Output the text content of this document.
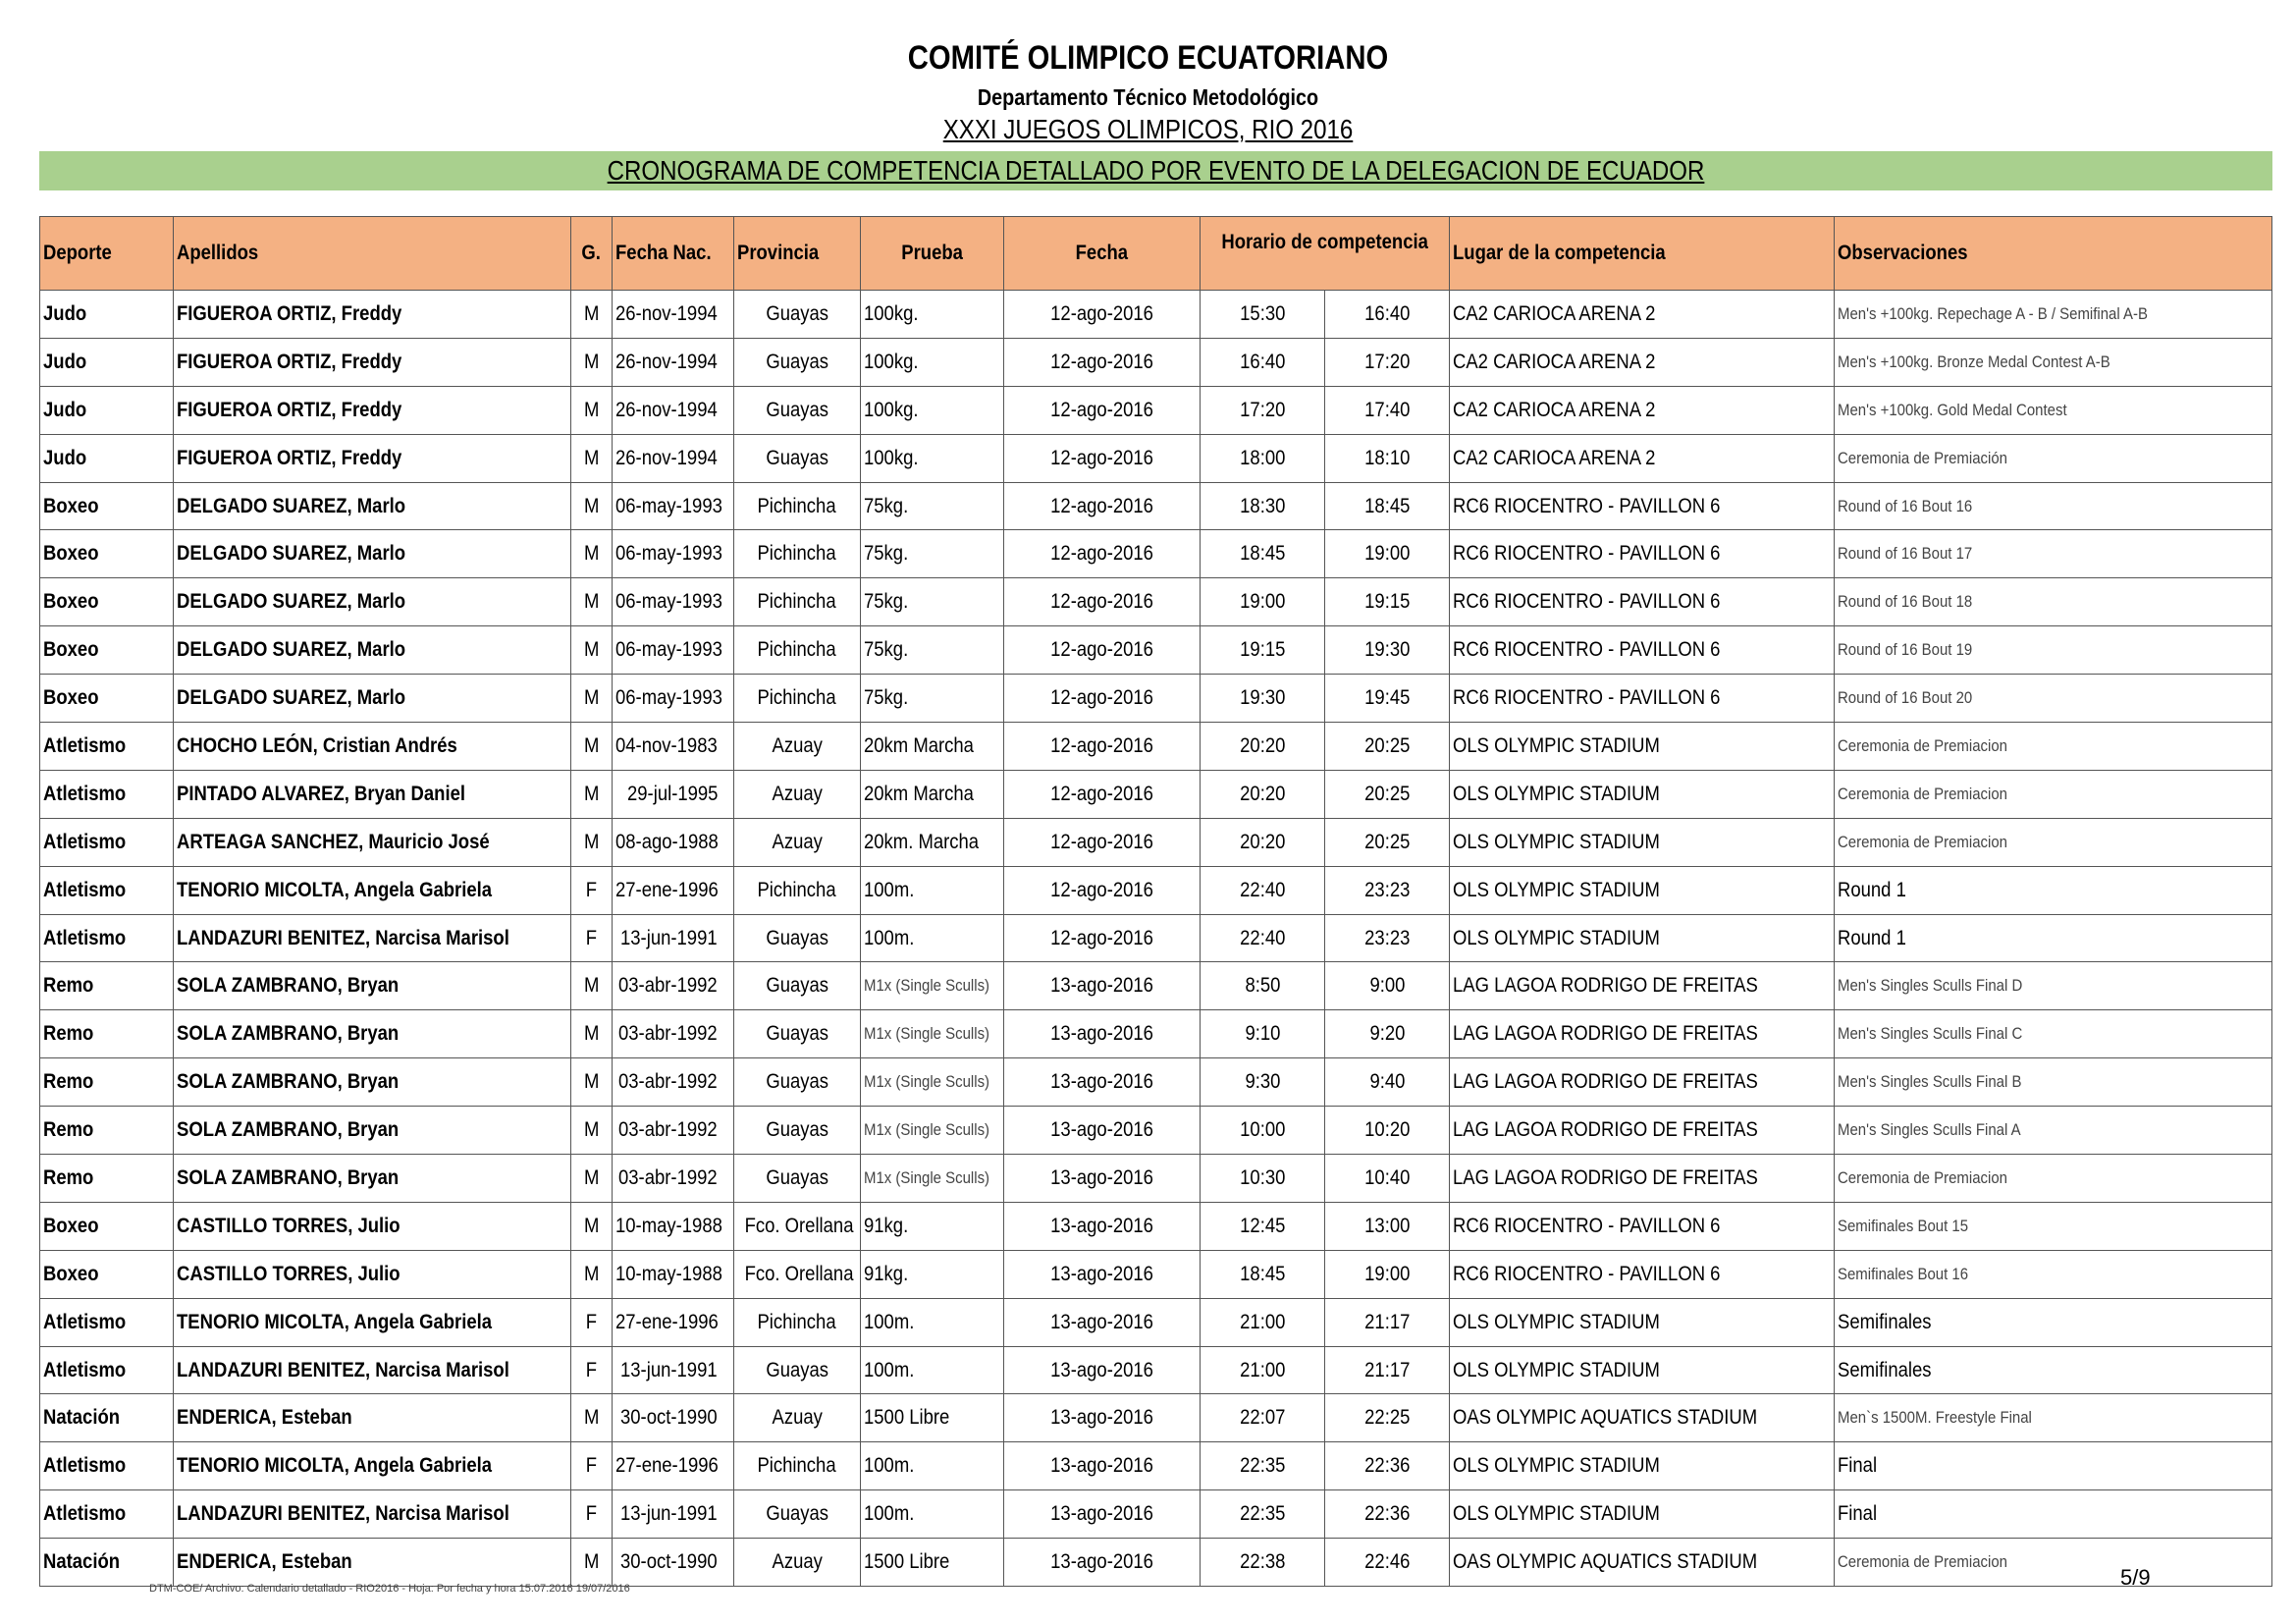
COMITÉ OLIMPICO ECUATORIANO
Departamento Técnico Metodológico
XXXI JUEGOS OLIMPICOS, RIO 2016
CRONOGRAMA DE COMPETENCIA DETALLADO POR EVENTO DE LA DELEGACION DE ECUADOR
Deporte	Apellidos	G.	Fecha Nac.	Provincia	Prueba	Fecha	Horario de competencia		Lugar de la competencia	Observaciones
Judo	FIGUEROA ORTIZ, Freddy	M	26-nov-1994	Guayas	100kg.	12-ago-2016	15:30	16:40	CA2 CARIOCA ARENA 2	Men's +100kg. Repechage A - B / Semifinal A-B
Judo	FIGUEROA ORTIZ, Freddy	M	26-nov-1994	Guayas	100kg.	12-ago-2016	16:40	17:20	CA2 CARIOCA ARENA 2	Men's +100kg. Bronze Medal Contest A-B
Judo	FIGUEROA ORTIZ, Freddy	M	26-nov-1994	Guayas	100kg.	12-ago-2016	17:20	17:40	CA2 CARIOCA ARENA 2	Men's +100kg. Gold Medal Contest
Judo	FIGUEROA ORTIZ, Freddy	M	26-nov-1994	Guayas	100kg.	12-ago-2016	18:00	18:10	CA2 CARIOCA ARENA 2	Ceremonia de Premiación
Boxeo	DELGADO SUAREZ, Marlo	M	06-may-1993	Pichincha	75kg.	12-ago-2016	18:30	18:45	RC6 RIOCENTRO - PAVILLON 6	Round of 16 Bout 16
Boxeo	DELGADO SUAREZ, Marlo	M	06-may-1993	Pichincha	75kg.	12-ago-2016	18:45	19:00	RC6 RIOCENTRO - PAVILLON 6	Round of 16 Bout 17
Boxeo	DELGADO SUAREZ, Marlo	M	06-may-1993	Pichincha	75kg.	12-ago-2016	19:00	19:15	RC6 RIOCENTRO - PAVILLON 6	Round of 16 Bout 18
Boxeo	DELGADO SUAREZ, Marlo	M	06-may-1993	Pichincha	75kg.	12-ago-2016	19:15	19:30	RC6 RIOCENTRO - PAVILLON 6	Round of 16 Bout 19
Boxeo	DELGADO SUAREZ, Marlo	M	06-may-1993	Pichincha	75kg.	12-ago-2016	19:30	19:45	RC6 RIOCENTRO - PAVILLON 6	Round of 16 Bout 20
Atletismo	CHOCHO LEÓN, Cristian Andrés	M	04-nov-1983	Azuay	20km Marcha	12-ago-2016	20:20	20:25	OLS OLYMPIC STADIUM	Ceremonia de Premiacion
Atletismo	PINTADO ALVAREZ, Bryan Daniel	M	29-jul-1995	Azuay	20km Marcha	12-ago-2016	20:20	20:25	OLS OLYMPIC STADIUM	Ceremonia de Premiacion
Atletismo	ARTEAGA SANCHEZ, Mauricio José	M	08-ago-1988	Azuay	20km. Marcha	12-ago-2016	20:20	20:25	OLS OLYMPIC STADIUM	Ceremonia de Premiacion
Atletismo	TENORIO MICOLTA, Angela Gabriela	F	27-ene-1996	Pichincha	100m.	12-ago-2016	22:40	23:23	OLS OLYMPIC STADIUM	Round 1
Atletismo	LANDAZURI BENITEZ, Narcisa Marisol	F	13-jun-1991	Guayas	100m.	12-ago-2016	22:40	23:23	OLS OLYMPIC STADIUM	Round 1
Remo	SOLA ZAMBRANO, Bryan	M	03-abr-1992	Guayas	M1x (Single Sculls)	13-ago-2016	8:50	9:00	LAG LAGOA RODRIGO DE FREITAS	Men's Singles Sculls Final D
Remo	SOLA ZAMBRANO, Bryan	M	03-abr-1992	Guayas	M1x (Single Sculls)	13-ago-2016	9:10	9:20	LAG LAGOA RODRIGO DE FREITAS	Men's Singles Sculls Final C
Remo	SOLA ZAMBRANO, Bryan	M	03-abr-1992	Guayas	M1x (Single Sculls)	13-ago-2016	9:30	9:40	LAG LAGOA RODRIGO DE FREITAS	Men's Singles Sculls Final B
Remo	SOLA ZAMBRANO, Bryan	M	03-abr-1992	Guayas	M1x (Single Sculls)	13-ago-2016	10:00	10:20	LAG LAGOA RODRIGO DE FREITAS	Men's Singles Sculls Final A
Remo	SOLA ZAMBRANO, Bryan	M	03-abr-1992	Guayas	M1x (Single Sculls)	13-ago-2016	10:30	10:40	LAG LAGOA RODRIGO DE FREITAS	Ceremonia de Premiacion
Boxeo	CASTILLO TORRES, Julio	M	10-may-1988	Fco. Orellana	91kg.	13-ago-2016	12:45	13:00	RC6 RIOCENTRO - PAVILLON 6	Semifinales Bout 15
Boxeo	CASTILLO TORRES, Julio	M	10-may-1988	Fco. Orellana	91kg.	13-ago-2016	18:45	19:00	RC6 RIOCENTRO - PAVILLON 6	Semifinales Bout 16
Atletismo	TENORIO MICOLTA, Angela Gabriela	F	27-ene-1996	Pichincha	100m.	13-ago-2016	21:00	21:17	OLS OLYMPIC STADIUM	Semifinales
Atletismo	LANDAZURI BENITEZ, Narcisa Marisol	F	13-jun-1991	Guayas	100m.	13-ago-2016	21:00	21:17	OLS OLYMPIC STADIUM	Semifinales
Natación	ENDERICA, Esteban	M	30-oct-1990	Azuay	1500 Libre	13-ago-2016	22:07	22:25	OAS OLYMPIC AQUATICS STADIUM	Men`s 1500M. Freestyle Final
Atletismo	TENORIO MICOLTA, Angela Gabriela	F	27-ene-1996	Pichincha	100m.	13-ago-2016	22:35	22:36	OLS OLYMPIC STADIUM	Final
Atletismo	LANDAZURI BENITEZ, Narcisa Marisol	F	13-jun-1991	Guayas	100m.	13-ago-2016	22:35	22:36	OLS OLYMPIC STADIUM	Final
Natación	ENDERICA, Esteban	M	30-oct-1990	Azuay	1500 Libre	13-ago-2016	22:38	22:46	OAS OLYMPIC AQUATICS STADIUM	Ceremonia de Premiacion
DTM-COE/ Archivo: Calendario detallado - RIO2016 - Hoja: Por fecha y hora 15.07.2016 19/07/2016	5/9
